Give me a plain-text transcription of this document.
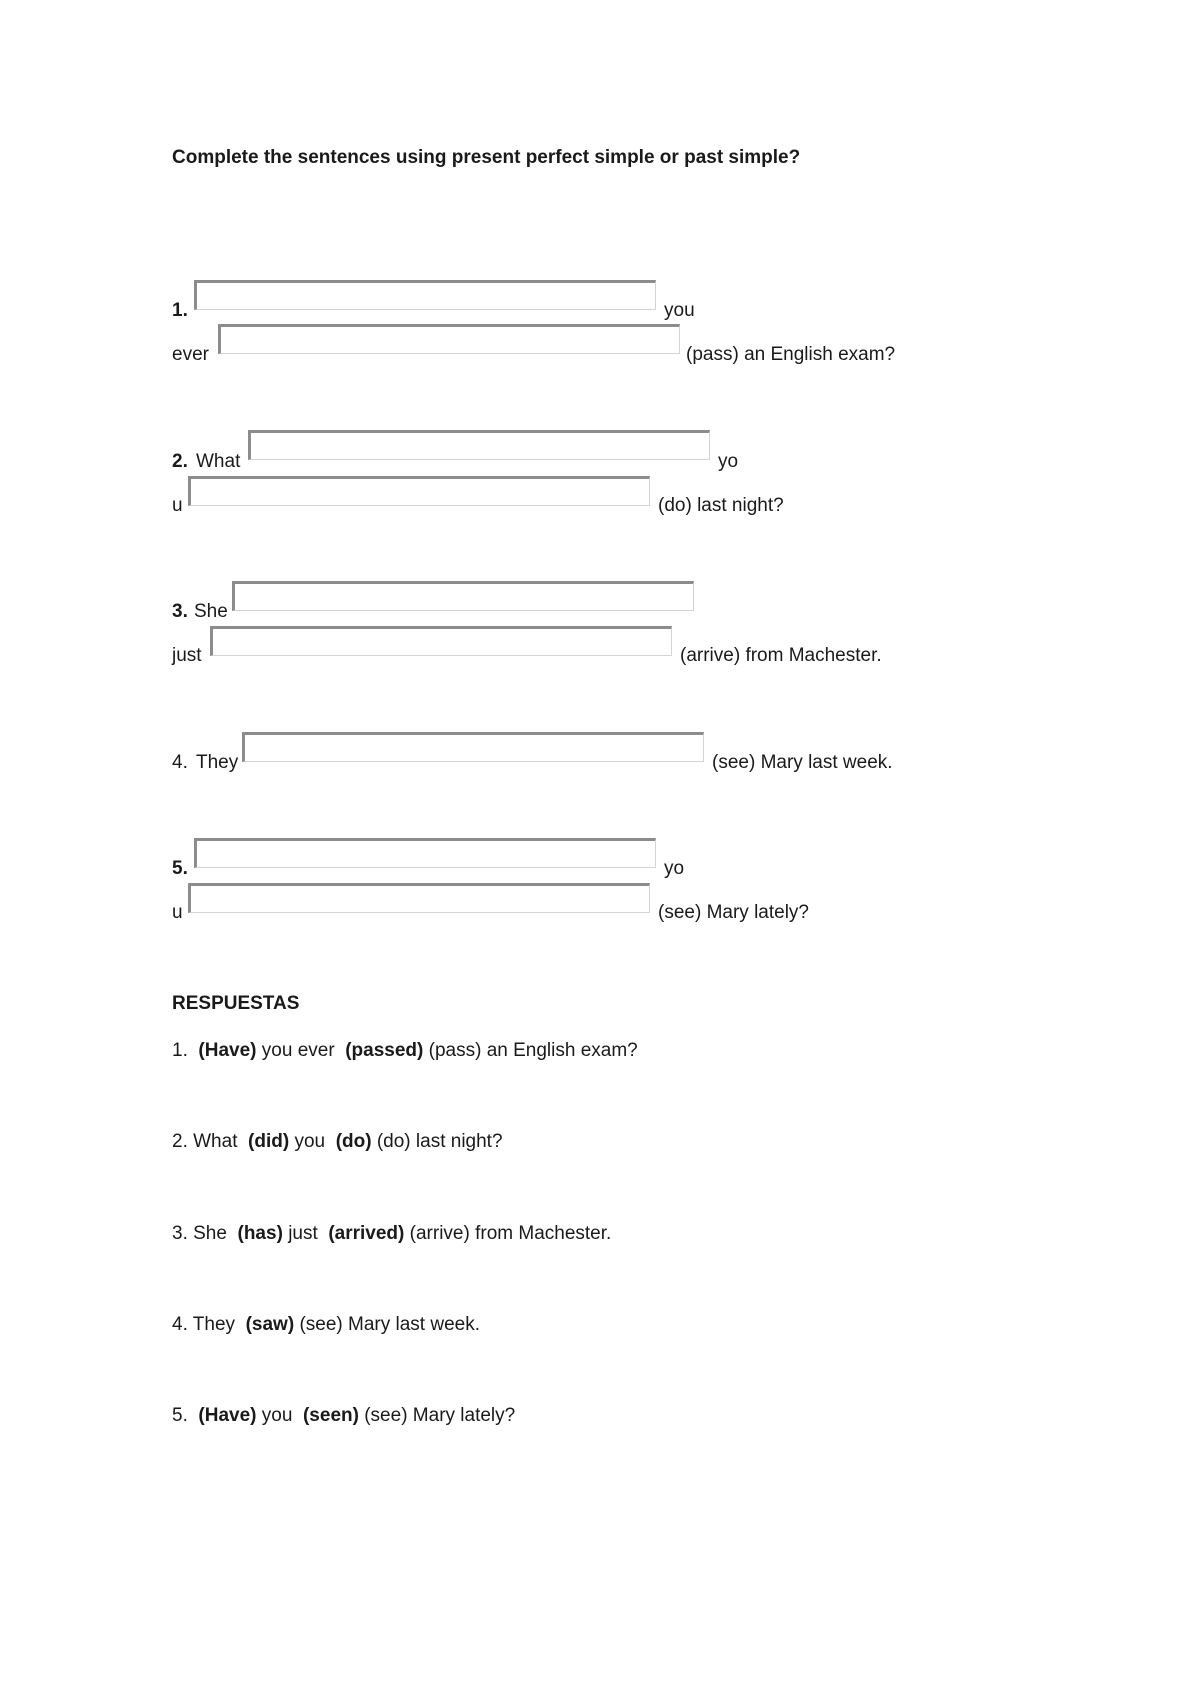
Complete the sentences using present perfect simple or past simple?
1.	you
ever	(pass) an English exam?
2. What	yo
u	(do) last night?
3. She
just	(arrive) from Machester.
4. They	(see) Mary last week.
5.	yo
u	(see) Mary lately?
RESPUESTAS
1. (Have) you ever (passed) (pass) an English exam?
2. What (did) you (do) (do) last night?
3. She (has) just (arrived) (arrive) from Machester.
4. They (saw) (see) Mary last week.
5. (Have) you (seen) (see) Mary lately?
